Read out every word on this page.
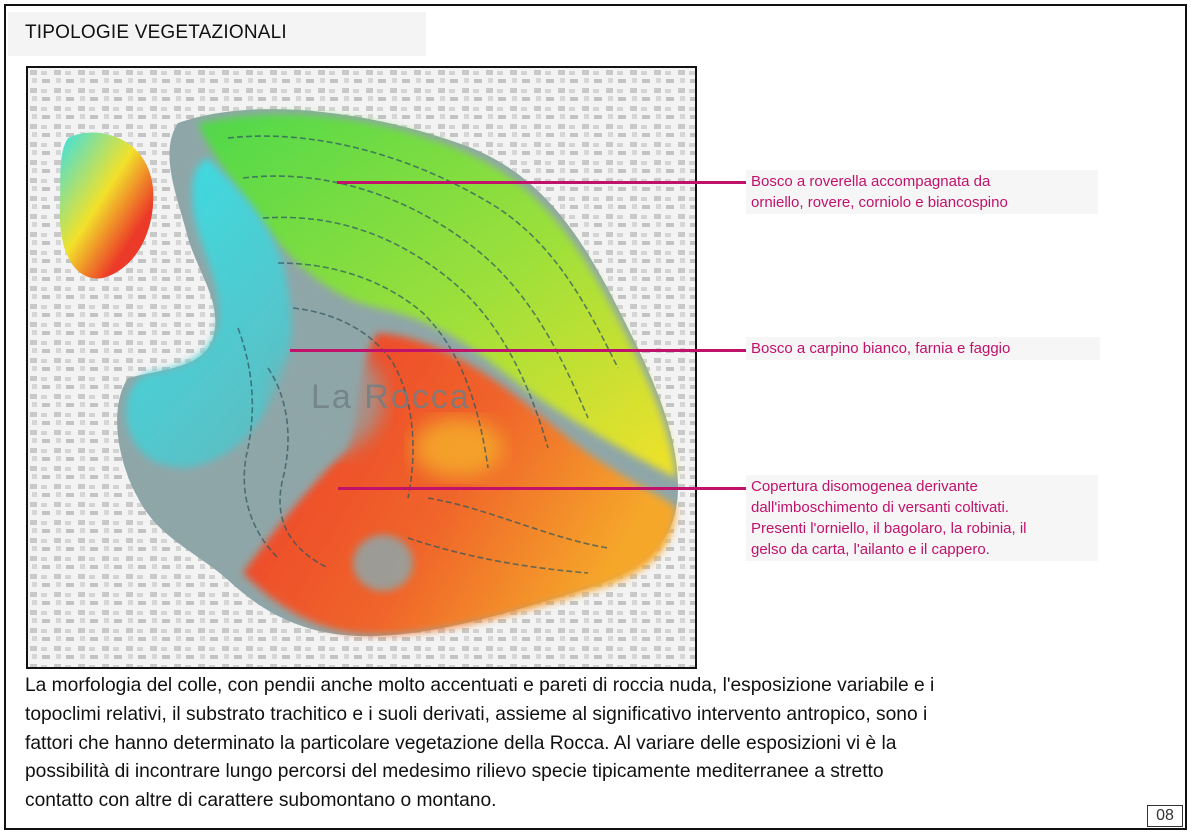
TIPOLOGIE VEGETAZIONALI
La Rocca
Bosco a roverella accompagnata da
orniello, rovere, corniolo e biancospino
Bosco a carpino bianco, farnia e faggio
Copertura disomogenea derivante
dall'imboschimento di versanti coltivati.
Presenti l'orniello, il bagolaro, la robinia, il
gelso da carta, l'ailanto e il cappero.
La morfologia del colle, con pendii anche molto accentuati e pareti di roccia nuda, l'esposizione variabile e i
topoclimi relativi, il substrato trachitico e i suoli derivati, assieme al significativo intervento antropico, sono i
fattori che hanno determinato la particolare vegetazione della Rocca. Al variare delle esposizioni vi è la
possibilità di incontrare lungo percorsi del medesimo rilievo specie tipicamente mediterranee a stretto
contatto con altre di carattere subomontano o montano.
08
